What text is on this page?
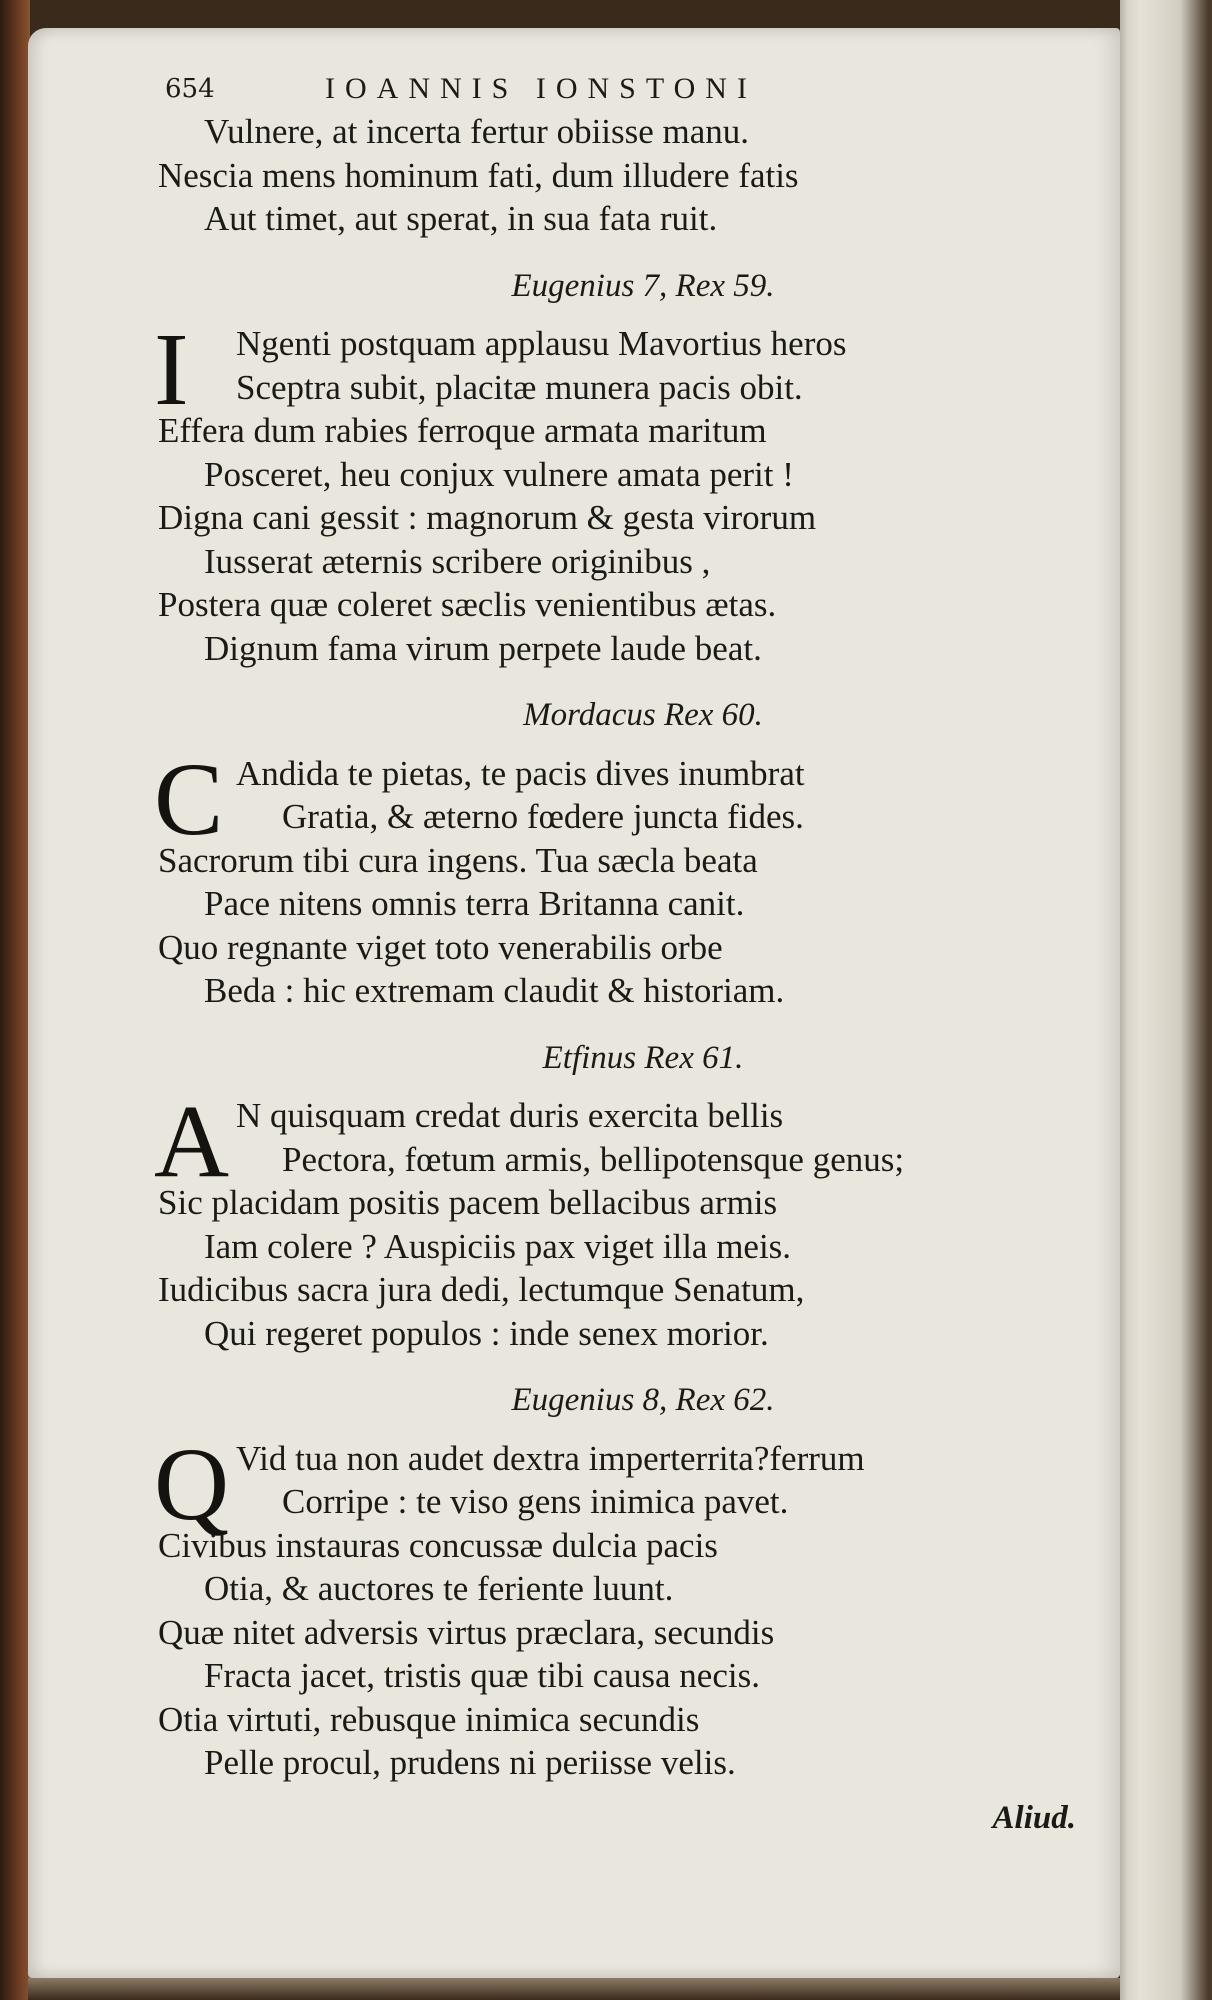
654	IOANNIS IONSTONI
Vulnere, at incerta fertur obiisse manu.
Nescia mens hominum fati, dum illudere fatis
Aut timet, aut sperat, in sua fata ruit.
Eugenius 7, Rex 59.
I	Ngenti postquam applausu Mavortius heros
Sceptra subit, placitæ munera pacis obit.
Effera dum rabies ferroque armata maritum
Posceret, heu conjux vulnere amata perit !
Digna cani gessit : magnorum & gesta virorum
Iusserat æternis scribere originibus ,
Postera quæ coleret sæclis venientibus ætas.
Dignum fama virum perpete laude beat.
Mordacus Rex 60.
C Andida te pietas, te pacis dives inumbrat
Gratia, & æterno fœdere juncta fides.
Sacrorum tibi cura ingens. Tua sæcla beata
Pace nitens omnis terra Britanna canit.
Quo regnante viget toto venerabilis orbe
Beda : hic extremam claudit & historiam.
Etfinus Rex 61.
A N quisquam credat duris exercita bellis
Pectora, fœtum armis, bellipotensque genus;
Sic placidam positis pacem bellacibus armis
Iam colere ? Auspiciis pax viget illa meis.
Iudicibus sacra jura dedi, lectumque Senatum,
Qui regeret populos : inde senex morior.
Eugenius 8, Rex 62.
Q Vid tua non audet dextra imperterrita?ferrum
Corripe : te viso gens inimica pavet.
Civibus instauras concussæ dulcia pacis
Otia, & auctores te feriente luunt.
Quæ nitet adversis virtus præclara, secundis
Fracta jacet, tristis quæ tibi causa necis.
Otia virtuti, rebusque inimica secundis
Pelle procul, prudens ni periisse velis.
Aliud.
